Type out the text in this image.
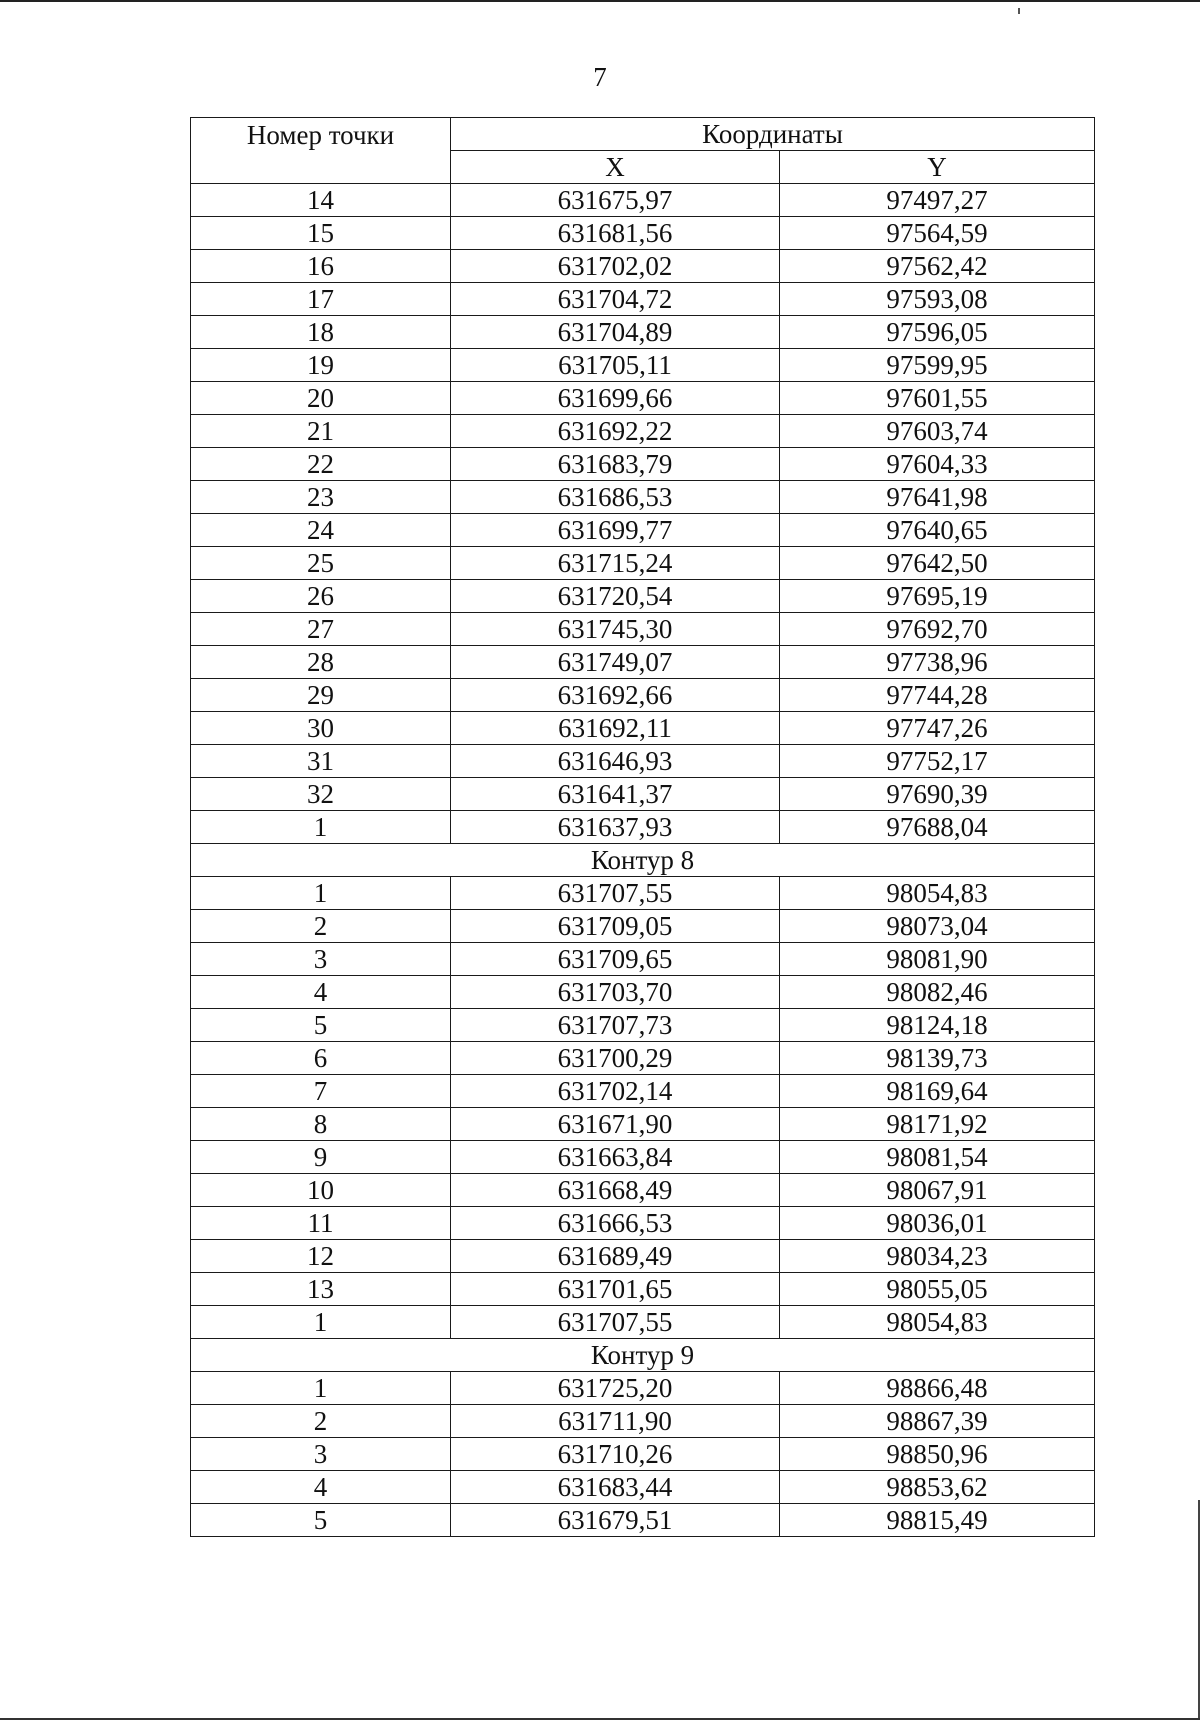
7
Номер точки	Координаты	
	X	Y
14	631675,97	97497,27
15	631681,56	97564,59
16	631702,02	97562,42
17	631704,72	97593,08
18	631704,89	97596,05
19	631705,11	97599,95
20	631699,66	97601,55
21	631692,22	97603,74
22	631683,79	97604,33
23	631686,53	97641,98
24	631699,77	97640,65
25	631715,24	97642,50
26	631720,54	97695,19
27	631745,30	97692,70
28	631749,07	97738,96
29	631692,66	97744,28
30	631692,11	97747,26
31	631646,93	97752,17
32	631641,37	97690,39
1	631637,93	97688,04
Контур 8		
1	631707,55	98054,83
2	631709,05	98073,04
3	631709,65	98081,90
4	631703,70	98082,46
5	631707,73	98124,18
6	631700,29	98139,73
7	631702,14	98169,64
8	631671,90	98171,92
9	631663,84	98081,54
10	631668,49	98067,91
11	631666,53	98036,01
12	631689,49	98034,23
13	631701,65	98055,05
1	631707,55	98054,83
Контур 9		
1	631725,20	98866,48
2	631711,90	98867,39
3	631710,26	98850,96
4	631683,44	98853,62
5	631679,51	98815,49
